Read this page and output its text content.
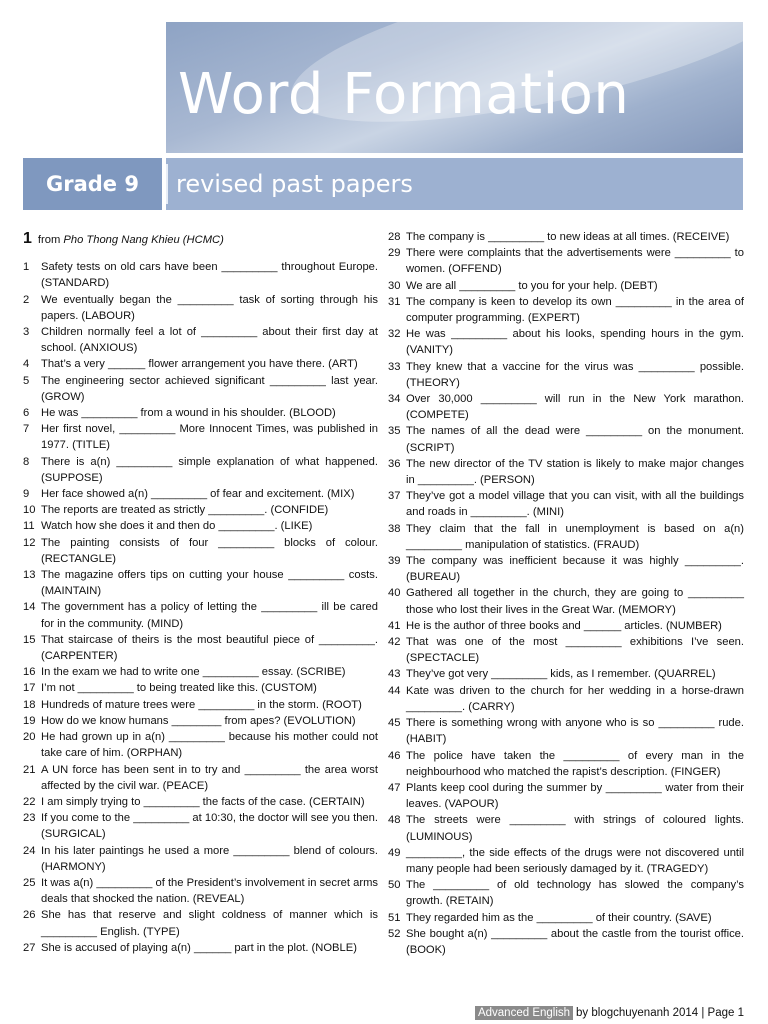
Word Formation
Grade 9	revised past papers
1 from Pho Thong Nang Khieu (HCMC)
1	Safety tests on old cars have been _________ throughout Europe. (STANDARD)
2	We eventually began the _________ task of sorting through his papers. (LABOUR)
3	Children normally feel a lot of _________ about their first day at school. (ANXIOUS)
4	That’s a very ______ flower arrangement you have there. (ART)
5	The engineering sector achieved significant _________ last year. (GROW)
6	He was _________ from a wound in his shoulder. (BLOOD)
7	Her first novel, _________ More Innocent Times, was published in 1977. (TITLE)
8	There is a(n) _________ simple explanation of what happened. (SUPPOSE)
9	Her face showed a(n) _________ of fear and excitement. (MIX)
10 The reports are treated as strictly _________. (CONFIDE)
11 Watch how she does it and then do _________. (LIKE)
12 The painting consists of four _________ blocks of colour. (RECTANGLE)
13 The magazine offers tips on cutting your house _________ costs. (MAINTAIN)
14 The government has a policy of letting the _________ ill be cared for in the community. (MIND)
15 That staircase of theirs is the most beautiful piece of _________. (CARPENTER)
16 In the exam we had to write one _________ essay. (SCRIBE)
17 I’m not _________ to being treated like this. (CUSTOM)
18 Hundreds of mature trees were _________ in the storm. (ROOT)
19 How do we know humans ________ from apes? (EVOLUTION)
20 He had grown up in a(n) _________ because his mother could not take care of him. (ORPHAN)
21 A UN force has been sent in to try and _________ the area worst affected by the civil war. (PEACE)
22 I am simply trying to _________ the facts of the case. (CERTAIN)
23 If you come to the _________ at 10:30, the doctor will see you then. (SURGICAL)
24 In his later paintings he used a more _________ blend of colours. (HARMONY)
25 It was a(n) _________ of the President’s involvement in secret arms deals that shocked the nation. (REVEAL)
26 She has that reserve and slight coldness of manner which is _________ English. (TYPE)
27 She is accused of playing a(n) ______ part in the plot. (NOBLE)
28 The company is _________ to new ideas at all times. (RECEIVE)
29 There were complaints that the advertisements were _________ to women. (OFFEND)
30 We are all _________ to you for your help. (DEBT)
31 The company is keen to develop its own _________ in the area of computer programming. (EXPERT)
32 He was _________ about his looks, spending hours in the gym. (VANITY)
33 They knew that a vaccine for the virus was _________ possible. (THEORY)
34 Over 30,000 _________ will run in the New York marathon. (COMPETE)
35 The names of all the dead were _________ on the monument. (SCRIPT)
36 The new director of the TV station is likely to make major changes in _________. (PERSON)
37 They’ve got a model village that you can visit, with all the buildings and roads in _________. (MINI)
38 They claim that the fall in unemployment is based on a(n) _________ manipulation of statistics. (FRAUD)
39 The company was inefficient because it was highly _________. (BUREAU)
40 Gathered all together in the church, they are going to _________ those who lost their lives in the Great War. (MEMORY)
41 He is the author of three books and ______ articles. (NUMBER)
42 That was one of the most _________ exhibitions I’ve seen. (SPECTACLE)
43 They’ve got very _________ kids, as I remember. (QUARREL)
44 Kate was driven to the church for her wedding in a horse-drawn _________. (CARRY)
45 There is something wrong with anyone who is so _________ rude. (HABIT)
46 The police have taken the _________ of every man in the neighbourhood who matched the rapist’s description. (FINGER)
47 Plants keep cool during the summer by _________ water from their leaves. (VAPOUR)
48 The streets were _________ with strings of coloured lights. (LUMINOUS)
49 _________, the side effects of the drugs were not discovered until many people had been seriously damaged by it. (TRAGEDY)
50 The _________ of old technology has slowed the company’s growth. (RETAIN)
51 They regarded him as the _________ of their country. (SAVE)
52 She bought a(n) _________ about the castle from the tourist office. (BOOK)
Advanced English by blogchuyenanh 2014 | Page 1
